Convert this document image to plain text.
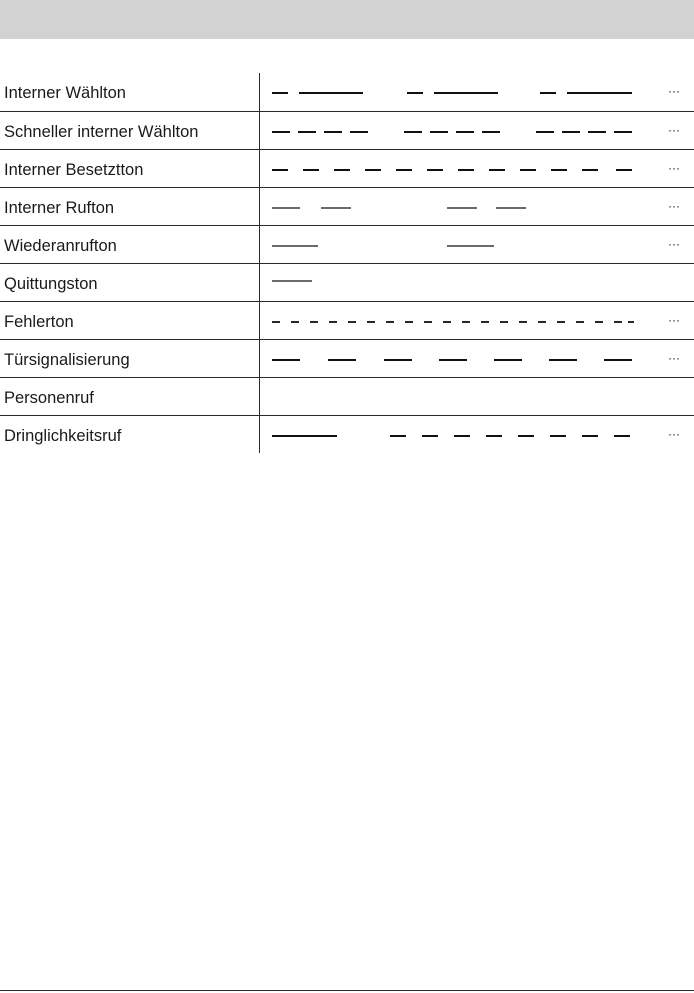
Interner Wählton	···
Schneller interner Wählton	···
Interner Besetztton	···
Interner Rufton	···
Wiederanrufton	···
Quittungston
Fehlerton	···
Türsignalisierung	···
Personenruf
Dringlichkeitsruf	···
